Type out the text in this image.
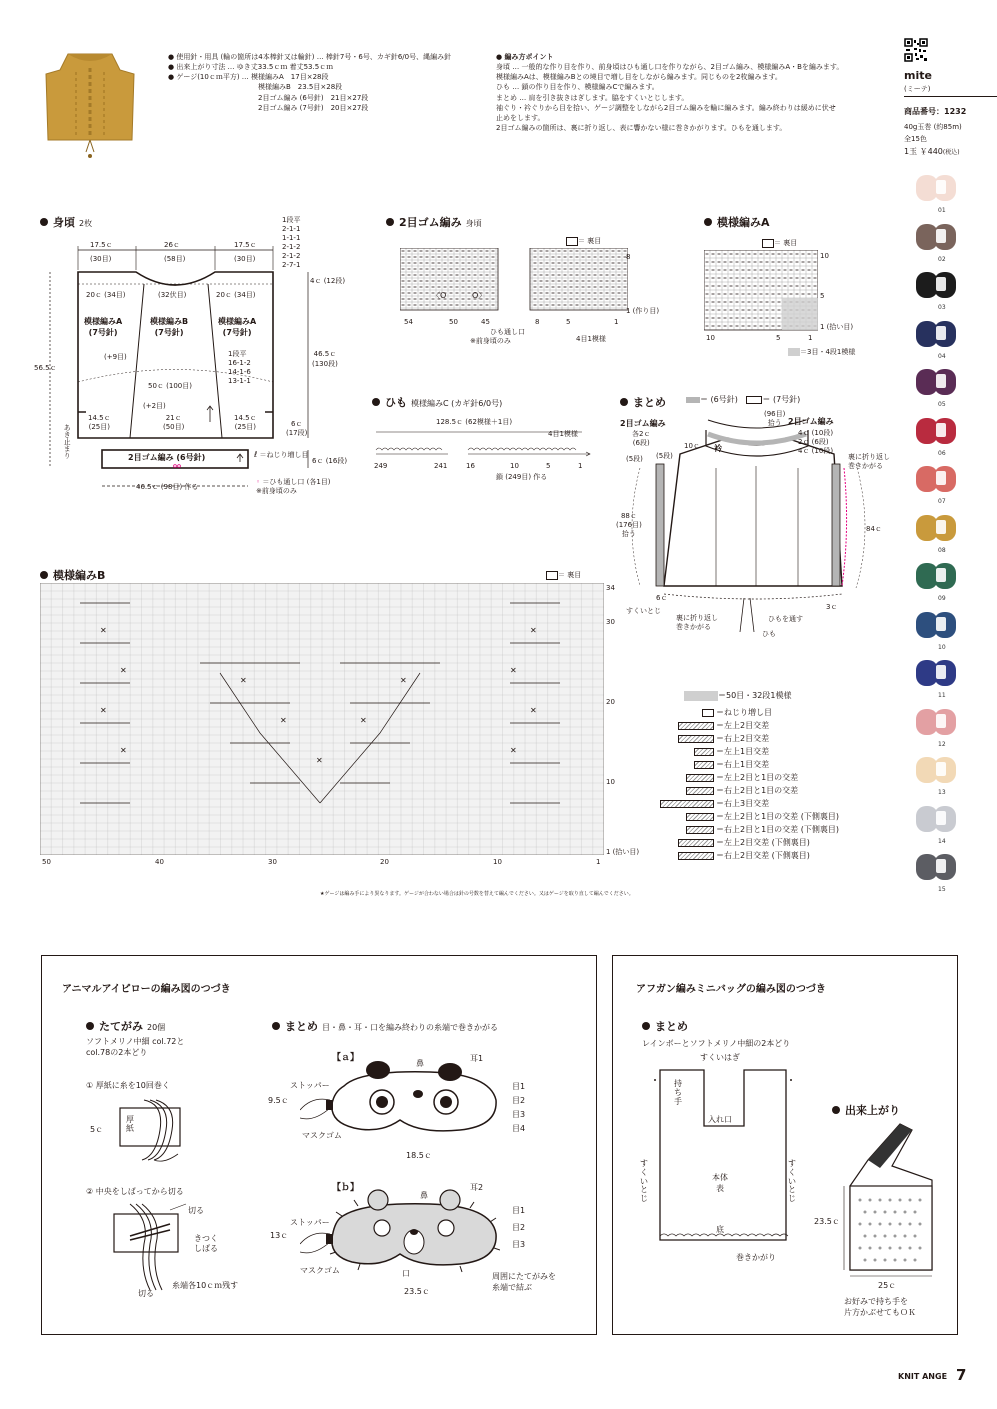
● 使用針・用具 (輪の箇所は4本棒針又は輪針) … 棒針7号・6号、カギ針6/0号、縄編み針
● 出来上がり寸法 … ゆき丈33.5ｃｍ 着丈53.5ｃｍ
● ゲージ(10ｃｍ平方) … 模様編みA　17目×28段
模様編みB　23.5目×28段
2目ゴム編み (6号針)　21目×27段
2目ゴム編み (7号針)　20目×27段
● 編み方ポイント
身頃 … 一般的な作り目を作り、前身頃はひも通し口を作りながら、2目ゴム編み、模様編みA・Bを編みます。
模様編みAは、模様編みBとの境目で増し目をしながら編みます。同じものを2枚編みます。
ひも … 鎖の作り目を作り、模様編みCで編みます。
まとめ … 肩を引き抜きはぎします。脇をすくいとじします。
袖ぐり・衿ぐりから目を拾い、ゲージ調整をしながら2目ゴム編みを輪に編みます。編み終わりは緩めに伏せ
止めをします。
2目ゴム編みの箇所は、裏に折り返し、表に響かない様に巻きかがります。ひもを通します。
mite
(ミーテ)
商品番号：1232
40g玉巻 (約85m)
全15色
1玉 ￥440(税込)
01
02
03
04
05
06
07
08
09
10
11
12
13
14
15
身頃 2枚
17.5ｃ	26ｃ	17.5ｃ
(30目)	(58目)	(30目)
1段平
2-1-1
1-1-1
2-1-2
2-1-2
2-7-1
4ｃ (12段)
20ｃ (34目)	(32伏目)	20ｃ (34目)
模様編みA
(7号針)
模様編みB
(7号針)
模様編みA
(7号針)
(+9目)	1段平
16-1-2
14-1-6
13-1-1
56.5ｃ
46.5ｃ
(130段)
50ｃ (100目)
(+2目)
14.5ｃ
(25目)
21ｃ
(50目)
14.5ｃ
(25目)	6ｃ
(17段)
あき止まり	2目ゴム編み (6号針)	6ｃ (16段)
ℓ ＝ねじり増し目
◦ ＝ひも通し口 (各1目)
※前身頃のみ
46.5ｃ (98目) 作る
2目ゴム編み 身頃
＝ 裏目
〈O	O〉
54	50	45	8	5	1
8
1 (作り目)
ひも通し口
※前身頃のみ	4目1模様
模様編みA
＝ 裏目
10
5
1 (拾い目)
10	5	1
＝3目・4段1模様
ひも 模様編みC (カギ針6/0号)
128.5ｃ (62模様＋1目)
4目1模様
249	241	16	10	5	1
鎖 (249目) 作る
まとめ	＝ (6号針)	＝ (7号針)
(96目)
拾う
2目ゴム編み
各2ｃ
(6段)
(5段) (5段)
10ｃ 衿
2目ゴム編み
4ｃ (10段)
2ｃ (6段)
4ｃ (10段)
裏に折り返し
巻きかがる
88ｃ
(176目)
拾う
84ｃ
6ｃ
3ｃ
すくいとじ
裏に折り返し
巻きかがる
ひもを通す
ひも
模様編みB	＝ 裏目
✕
✕
✕
✕
✕
✕
✕
✕
✕
✕	✕
✕
✕
34
30
20
10
1 (拾い目)
50	40	30	20	10	1
＝50目・32段1模様
＝ねじり増し目
＝左上2目交差
＝右上2目交差
＝左上1目交差
＝右上1目交差
＝左上2目と1目の交差
＝右上2目と1目の交差
＝右上3目交差
＝左上2目と1目の交差 (下側裏目)
＝右上2目と1目の交差 (下側裏目)
＝左上2目交差 (下側裏目)
＝右上2目交差 (下側裏目)
★ゲージは編み手により異なります。ゲージが合わない場合は針の号数を替えて編んでください。又はゲージを取り直して編んでください。
アニマルアイピローの編み図のつづき
たてがみ 20個
ソフトメリノ中細 col.72と
col.78の2本どり
① 厚紙に糸を10回巻く
厚紙
5ｃ
② 中央をしばってから切る
切る
きつく
しばる
切る
糸端各10ｃｍ残す
まとめ 目・鼻・耳・口を編み終わりの糸端で巻きかがる
【ａ】
鼻
耳1
ストッパー
マスクゴム
目1
目2
目3
目4
9.5ｃ
18.5ｃ
【ｂ】
鼻
耳2
ストッパー
マスクゴム
目1
目2
目3
口
13ｃ
23.5ｃ
周囲にたてがみを
糸端で結ぶ
アフガン編みミニバッグの編み図のつづき
まとめ
レインボーとソフトメリノ中細の2本どり
すくいはぎ
持ち手
入れ口
すくいとじ
すくいとじ
本体
表
底
巻きかがり
出来上がり
23.5ｃ
25ｃ
お好みで持ち手を
片方かぶせてもＯＫ
KNIT ANGE 7
